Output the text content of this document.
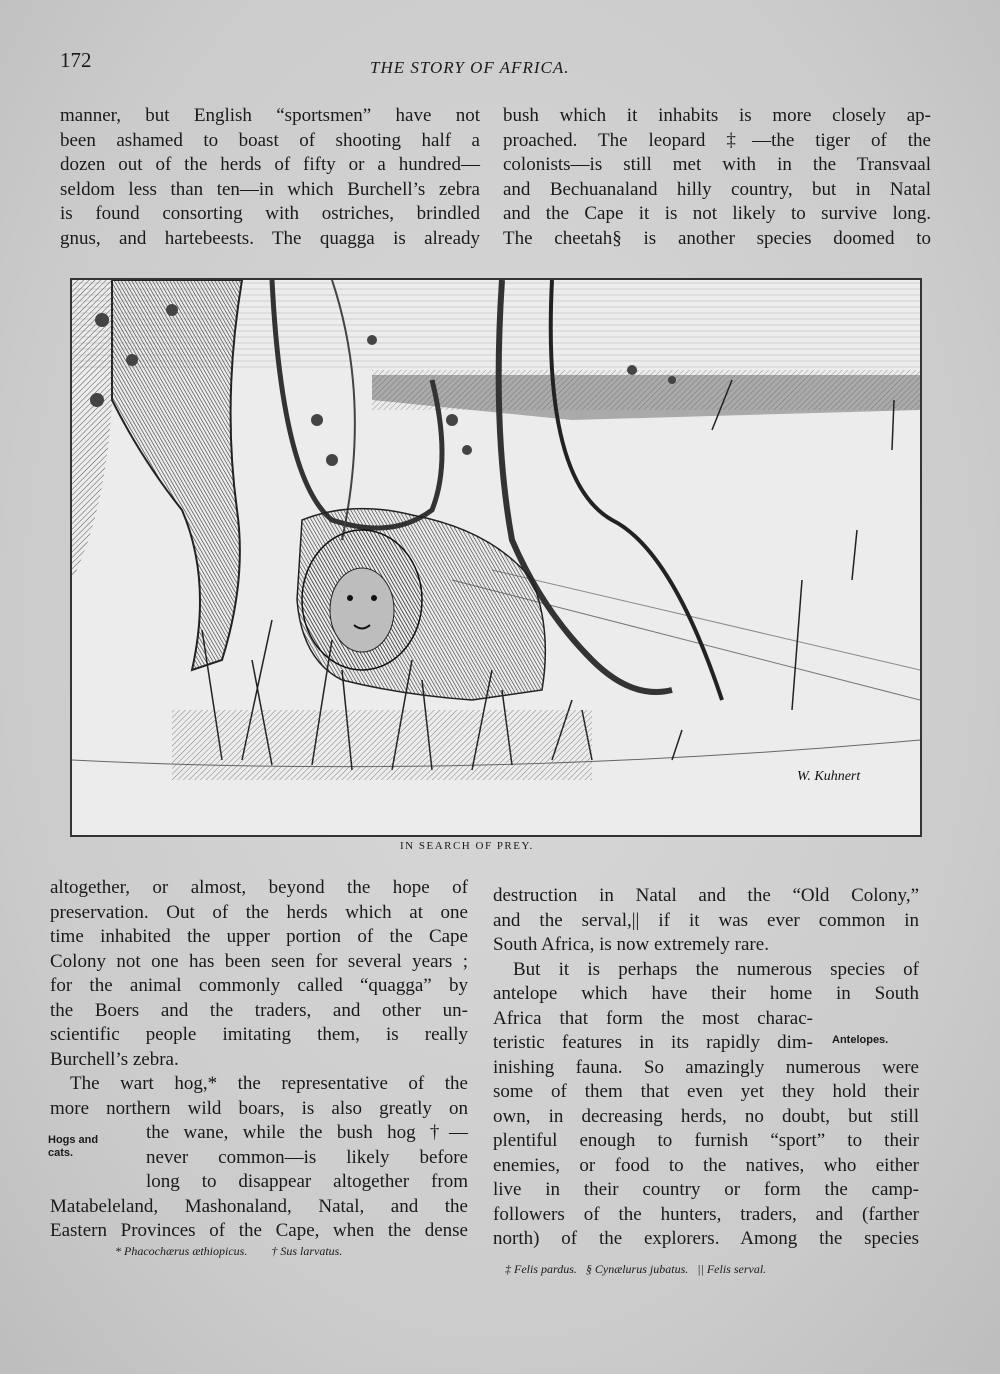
172	THE STORY OF AFRICA.
manner, but English “sportsmen” have not
been ashamed to boast of shooting half a
dozen out of the herds of fifty or a hundred—
seldom less than ten—in which Burchell’s zebra
is found consorting with ostriches, brindled
gnus, and hartebeests. The quagga is already
bush which it inhabits is more closely ap-
proached. The leopard ‡—the tiger of the
colonists—is still met with in the Transvaal
and Bechuanaland hilly country, but in Natal
and the Cape it is not likely to survive long.
The cheetah§ is another species doomed to
W. Kuhnert
IN SEARCH OF PREY.
altogether, or almost, beyond the hope of
preservation. Out of the herds which at one
time inhabited the upper portion of the Cape
Colony not one has been seen for several years ;
for the animal commonly called “quagga” by
the Boers and the traders, and other un-
scientific people imitating them, is really
Burchell’s zebra.
The wart hog,* the representative of the
more northern wild boars, is also greatly on
the wane, while the bush hog †—
never common—is likely before
long to disappear altogether from
Matabeleland, Mashonaland, Natal, and the
Eastern Provinces of the Cape, when the dense
destruction in Natal and the “Old Colony,”
and the serval,|| if it was ever common in
South Africa, is now extremely rare.
But it is perhaps the numerous species of
antelope which have their home in South
Africa that form the most charac-
teristic features in its rapidly dim-
inishing fauna. So amazingly numerous were
some of them that even yet they hold their
own, in decreasing herds, no doubt, but still
plentiful enough to furnish “sport” to their
enemies, or food to the natives, who either
live in their country or form the camp-
followers of the hunters, traders, and (farther
north) of the explorers. Among the species
Hogs and cats.
Antelopes.
* Phacochærus æthiopicus.        † Sus larvatus.
‡ Felis pardus.   § Cynælurus jubatus.   || Felis serval.
